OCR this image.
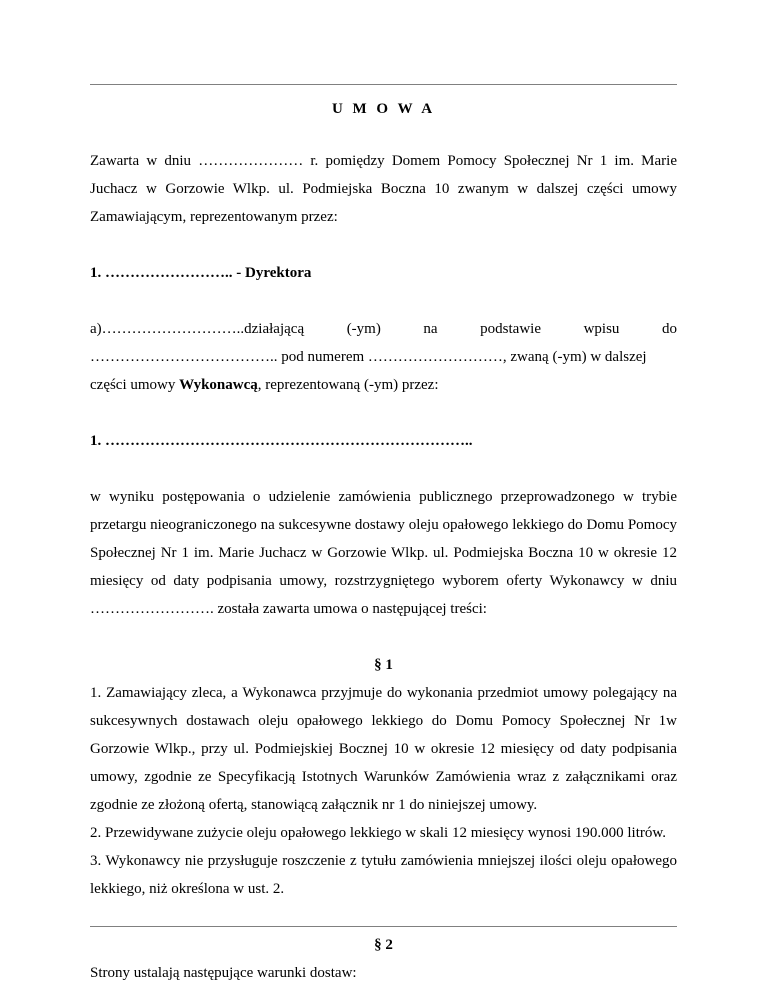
U M O W A

Zawarta w dniu ………………… r. pomiędzy Domem Pomocy Społecznej Nr 1 im. Marie Juchacz w Gorzowie Wlkp. ul. Podmiejska Boczna 10 zwanym w dalszej części umowy Zamawiającym, reprezentowanym przez:

1. …………………….. - Dyrektora

a)………………………..działającą	(-ym)	na	podstawie	wpisu	do

……………………………….. pod numerem ………………………, zwaną (-ym) w dalszej

części umowy Wykonawcą, reprezentowaną (-ym) przez:

1. ………………………………………………………………..

w wyniku postępowania o udzielenie zamówienia publicznego przeprowadzonego w trybie przetargu nieograniczonego na sukcesywne dostawy oleju opałowego lekkiego do Domu Pomocy Społecznej Nr 1 im. Marie Juchacz w Gorzowie Wlkp. ul. Podmiejska Boczna 10 w okresie 12 miesięcy od daty podpisania umowy, rozstrzygniętego wyborem oferty Wykonawcy w dniu ……………………. została zawarta umowa o następującej treści:

§ 1

1. Zamawiający zleca, a Wykonawca przyjmuje do wykonania przedmiot umowy polegający na sukcesywnych dostawach oleju opałowego lekkiego do Domu Pomocy Społecznej Nr 1w Gorzowie Wlkp., przy ul. Podmiejskiej Bocznej 10 w okresie 12 miesięcy od daty podpisania umowy, zgodnie ze Specyfikacją Istotnych Warunków Zamówienia wraz z załącznikami oraz zgodnie ze złożoną ofertą, stanowiącą załącznik nr 1 do niniejszej umowy.

2. Przewidywane zużycie oleju opałowego lekkiego w skali 12 miesięcy wynosi 190.000 litrów.

3. Wykonawcy nie przysługuje roszczenie z tytułu zamówienia mniejszej ilości oleju opałowego lekkiego, niż określona w ust. 2.

§ 2

Strony ustalają następujące warunki dostaw:
